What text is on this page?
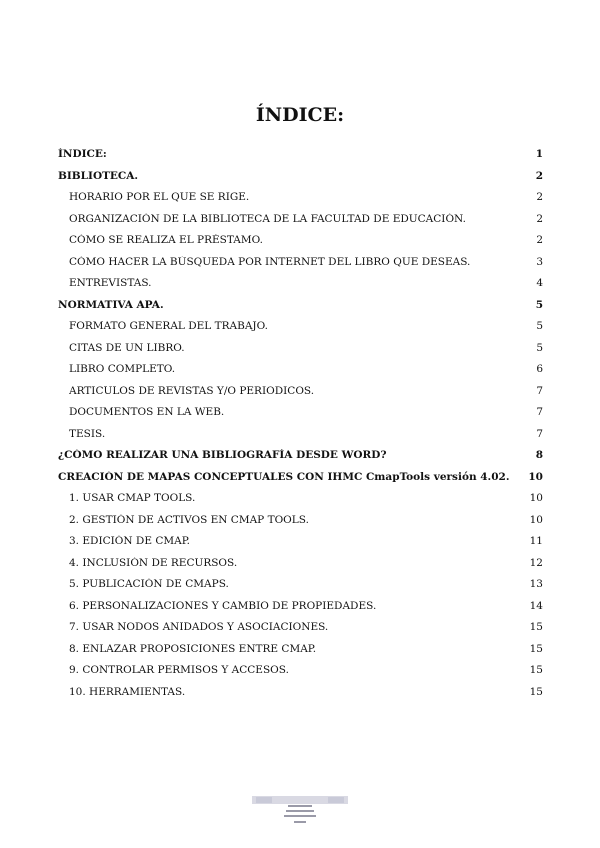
ÍNDICE:
ÍNDICE:	1
BIBLIOTECA.	2
HORARIO POR EL QUE SE RIGE.	2
ORGANIZACIÓN DE LA BIBLIOTECA DE LA FACULTAD DE EDUCACIÓN.	2
CÓMO SE REALIZA EL PRÉSTAMO.	2
CÓMO HACER LA BÚSQUEDA POR INTERNET DEL LIBRO QUE DESEAS.	3
ENTREVISTAS.	4
NORMATIVA APA.	5
FORMATO GENERAL DEL TRABAJO.	5
CITAS DE UN LIBRO.	5
LIBRO COMPLETO.	6
ARTICULOS DE REVISTAS Y/O PERIODICOS.	7
DOCUMENTOS EN LA WEB.	7
TESIS.	7
¿CÓMO REALIZAR UNA BIBLIOGRAFÍA DESDE WORD?	8
CREACIÓN DE MAPAS CONCEPTUALES CON IHMC CmapTools versión 4.02. 10
1. USAR CMAP TOOLS.	10
2. GESTIÓN DE ACTIVOS EN CMAP TOOLS.	10
3. EDICIÓN DE CMAP.	11
4. INCLUSIÓN DE RECURSOS.	12
5. PUBLICACIÓN DE CMAPS.	13
6. PERSONALIZACIONES Y CAMBIO DE PROPIEDADES.	14
7. USAR NODOS ANIDADOS Y ASOCIACIONES.	15
8. ENLAZAR PROPOSICIONES ENTRE CMAP.	15
9. CONTROLAR PERMISOS Y ACCESOS.	15
10. HERRAMIENTAS.	15
